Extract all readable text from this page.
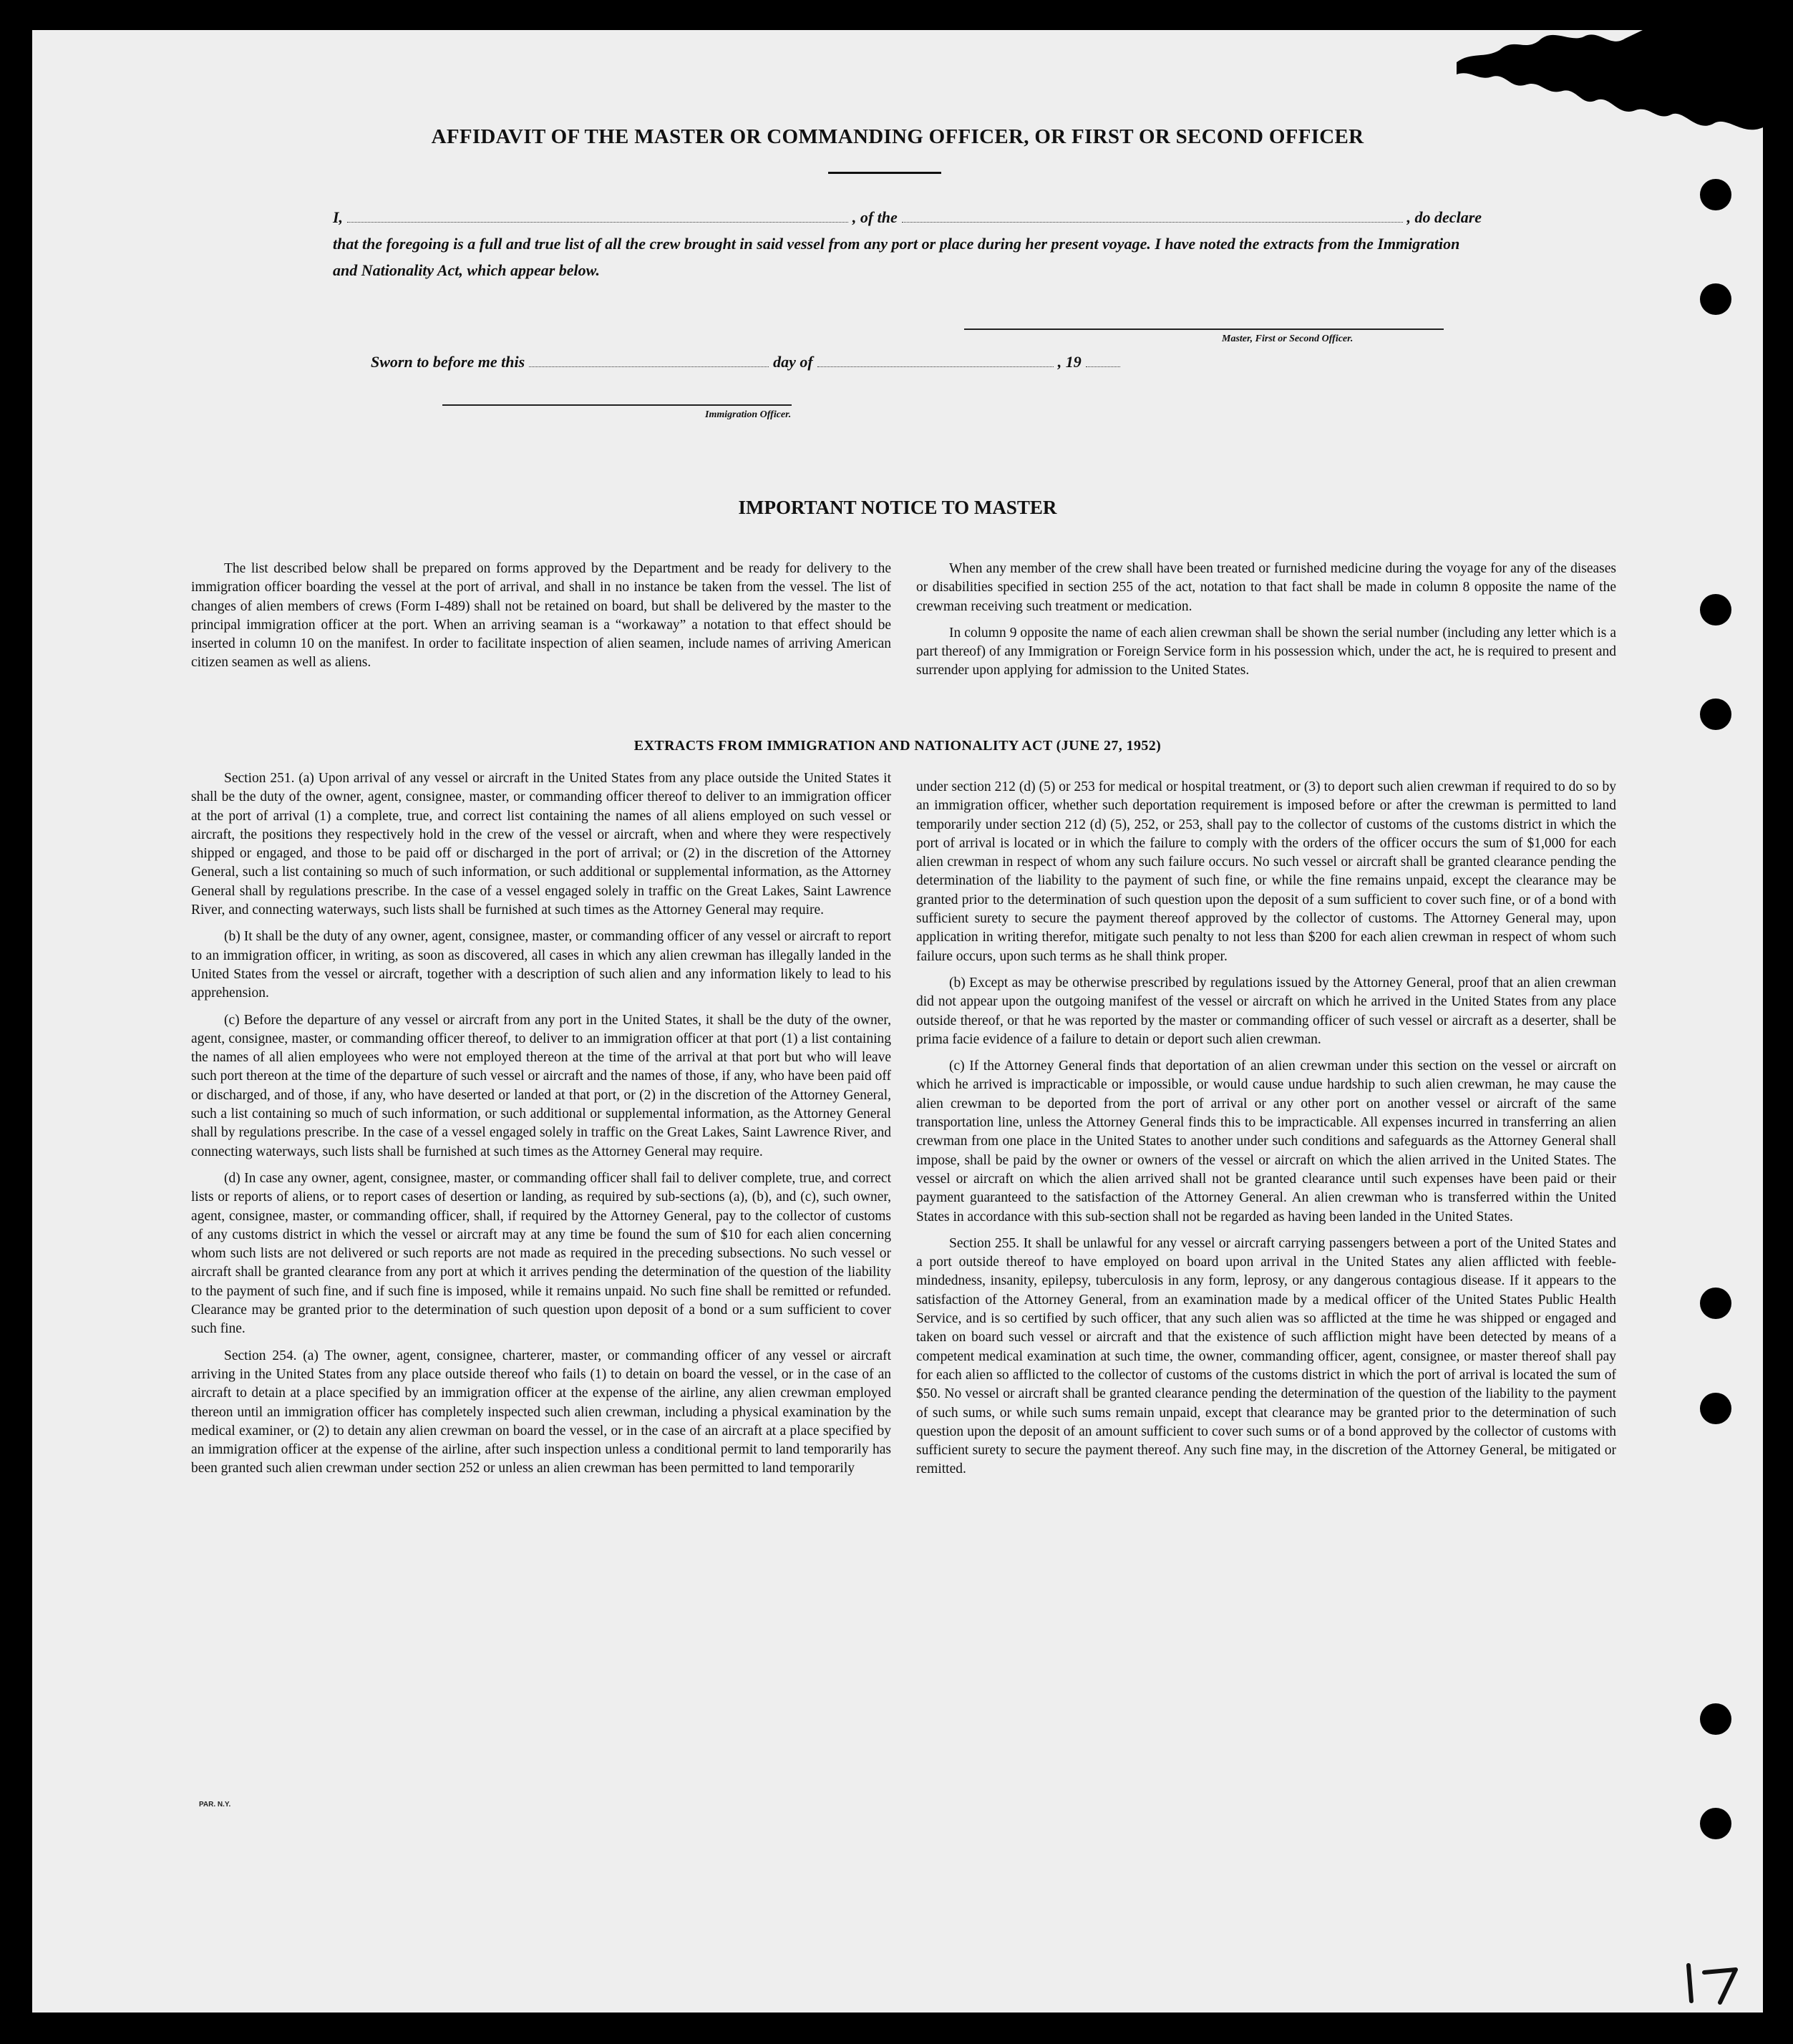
AFFIDAVIT OF THE MASTER OR COMMANDING OFFICER, OR FIRST OR SECOND OFFICER
I,	, of the	, do declare
that the foregoing is a full and true list of all the crew brought in said vessel from any port or place during her present voyage. I have noted the extracts from the Immigration and Nationality Act, which appear below.
Master, First or Second Officer.
Sworn to before me this	day of	, 19
Immigration Officer.
IMPORTANT NOTICE TO MASTER

The list described below shall be prepared on forms approved by the Department and be ready for delivery to the immigration officer boarding the vessel at the port of arrival, and shall in no instance be taken from the vessel. The list of changes of alien members of crews (Form I-489) shall not be retained on board, but shall be delivered by the master to the principal immigration officer at the port. When an arriving seaman is a “workaway” a notation to that effect should be inserted in column 10 on the manifest. In order to facilitate inspection of alien seamen, include names of arriving American citizen seamen as well as aliens.

When any member of the crew shall have been treated or furnished medicine during the voyage for any of the diseases or disabilities specified in section 255 of the act, notation to that fact shall be made in column 8 opposite the name of the crewman receiving such treatment or medication.

In column 9 opposite the name of each alien crewman shall be shown the serial number (including any letter which is a part thereof) of any Immigration or Foreign Service form in his possession which, under the act, he is required to present and surrender upon applying for admission to the United States.

EXTRACTS FROM IMMIGRATION AND NATIONALITY ACT (JUNE 27, 1952)

Section 251. (a) Upon arrival of any vessel or aircraft in the United States from any place outside the United States it shall be the duty of the owner, agent, consignee, master, or commanding officer thereof to deliver to an immigration officer at the port of arrival (1) a complete, true, and correct list containing the names of all aliens employed on such vessel or aircraft, the positions they respectively hold in the crew of the vessel or aircraft, when and where they were respectively shipped or engaged, and those to be paid off or discharged in the port of arrival; or (2) in the discretion of the Attorney General, such a list containing so much of such information, or such additional or supplemental information, as the Attorney General shall by regulations prescribe. In the case of a vessel engaged solely in traffic on the Great Lakes, Saint Lawrence River, and connecting waterways, such lists shall be furnished at such times as the Attorney General may require.

(b) It shall be the duty of any owner, agent, consignee, master, or commanding officer of any vessel or aircraft to report to an immigration officer, in writing, as soon as discovered, all cases in which any alien crewman has illegally landed in the United States from the vessel or aircraft, together with a description of such alien and any information likely to lead to his apprehension.

(c) Before the departure of any vessel or aircraft from any port in the United States, it shall be the duty of the owner, agent, consignee, master, or commanding officer thereof, to deliver to an immigration officer at that port (1) a list containing the names of all alien employees who were not employed thereon at the time of the arrival at that port but who will leave such port thereon at the time of the departure of such vessel or aircraft and the names of those, if any, who have been paid off or discharged, and of those, if any, who have deserted or landed at that port, or (2) in the discretion of the Attorney General, such a list containing so much of such information, or such additional or supplemental information, as the Attorney General shall by regulations prescribe. In the case of a vessel engaged solely in traffic on the Great Lakes, Saint Lawrence River, and connecting waterways, such lists shall be furnished at such times as the Attorney General may require.

(d) In case any owner, agent, consignee, master, or commanding officer shall fail to deliver complete, true, and correct lists or reports of aliens, or to report cases of desertion or landing, as required by sub-sections (a), (b), and (c), such owner, agent, consignee, master, or commanding officer, shall, if required by the Attorney General, pay to the collector of customs of any customs district in which the vessel or aircraft may at any time be found the sum of $10 for each alien concerning whom such lists are not delivered or such reports are not made as required in the preceding subsections. No such vessel or aircraft shall be granted clearance from any port at which it arrives pending the determination of the question of the liability to the payment of such fine, and if such fine is imposed, while it remains unpaid. No such fine shall be remitted or refunded. Clearance may be granted prior to the determination of such question upon deposit of a bond or a sum sufficient to cover such fine.

Section 254. (a) The owner, agent, consignee, charterer, master, or commanding officer of any vessel or aircraft arriving in the United States from any place outside thereof who fails (1) to detain on board the vessel, or in the case of an aircraft to detain at a place specified by an immigration officer at the expense of the airline, any alien crewman employed thereon until an immigration officer has completely inspected such alien crewman, including a physical examination by the medical examiner, or (2) to detain any alien crewman on board the vessel, or in the case of an aircraft at a place specified by an immigration officer at the expense of the airline, after such inspection unless a conditional permit to land temporarily has been granted such alien crewman under section 252 or unless an alien crewman has been permitted to land temporarily

under section 212 (d) (5) or 253 for medical or hospital treatment, or (3) to deport such alien crewman if required to do so by an immigration officer, whether such deportation requirement is imposed before or after the crewman is permitted to land temporarily under section 212 (d) (5), 252, or 253, shall pay to the collector of customs of the customs district in which the port of arrival is located or in which the failure to comply with the orders of the officer occurs the sum of $1,000 for each alien crewman in respect of whom any such failure occurs. No such vessel or aircraft shall be granted clearance pending the determination of the liability to the payment of such fine, or while the fine remains unpaid, except the clearance may be granted prior to the determination of such question upon the deposit of a sum sufficient to cover such fine, or of a bond with sufficient surety to secure the payment thereof approved by the collector of customs. The Attorney General may, upon application in writing therefor, mitigate such penalty to not less than $200 for each alien crewman in respect of whom such failure occurs, upon such terms as he shall think proper.

(b) Except as may be otherwise prescribed by regulations issued by the Attorney General, proof that an alien crewman did not appear upon the outgoing manifest of the vessel or aircraft on which he arrived in the United States from any place outside thereof, or that he was reported by the master or commanding officer of such vessel or aircraft as a deserter, shall be prima facie evidence of a failure to detain or deport such alien crewman.

(c) If the Attorney General finds that deportation of an alien crewman under this section on the vessel or aircraft on which he arrived is impracticable or impossible, or would cause undue hardship to such alien crewman, he may cause the alien crewman to be deported from the port of arrival or any other port on another vessel or aircraft of the same transportation line, unless the Attorney General finds this to be impracticable. All expenses incurred in transferring an alien crewman from one place in the United States to another under such conditions and safeguards as the Attorney General shall impose, shall be paid by the owner or owners of the vessel or aircraft on which the alien arrived in the United States. The vessel or aircraft on which the alien arrived shall not be granted clearance until such expenses have been paid or their payment guaranteed to the satisfaction of the Attorney General. An alien crewman who is transferred within the United States in accordance with this sub-section shall not be regarded as having been landed in the United States.

Section 255. It shall be unlawful for any vessel or aircraft carrying passengers between a port of the United States and a port outside thereof to have employed on board upon arrival in the United States any alien afflicted with feeble-mindedness, insanity, epilepsy, tuberculosis in any form, leprosy, or any dangerous contagious disease. If it appears to the satisfaction of the Attorney General, from an examination made by a medical officer of the United States Public Health Service, and is so certified by such officer, that any such alien was so afflicted at the time he was shipped or engaged and taken on board such vessel or aircraft and that the existence of such affliction might have been detected by means of a competent medical examination at such time, the owner, commanding officer, agent, consignee, or master thereof shall pay for each alien so afflicted to the collector of customs of the customs district in which the port of arrival is located the sum of $50. No vessel or aircraft shall be granted clearance pending the determination of the question of the liability to the payment of such sums, or while such sums remain unpaid, except that clearance may be granted prior to the determination of such question upon the deposit of an amount sufficient to cover such sums or of a bond approved by the collector of customs with sufficient surety to secure the payment thereof. Any such fine may, in the discretion of the Attorney General, be mitigated or remitted.

PAR. N.Y.
